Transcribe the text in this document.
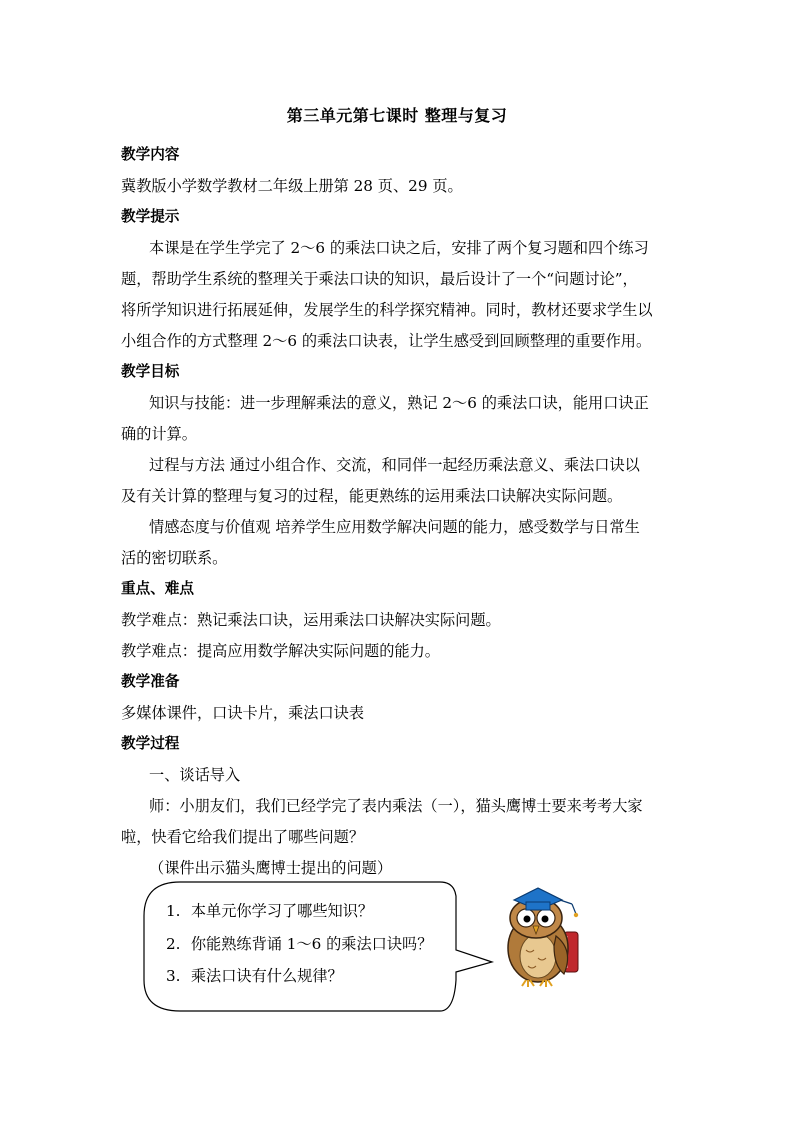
第三单元第七课时 整理与复习
教学内容
冀教版小学数学教材二年级上册第 28 页、29 页。
教学提示
本课是在学生学完了 2～6 的乘法口诀之后，安排了两个复习题和四个练习
题，帮助学生系统的整理关于乘法口诀的知识，最后设计了一个“问题讨论”，
将所学知识进行拓展延伸，发展学生的科学探究精神。同时，教材还要求学生以
小组合作的方式整理 2～6 的乘法口诀表，让学生感受到回顾整理的重要作用。
教学目标
知识与技能：进一步理解乘法的意义，熟记 2～6 的乘法口诀，能用口诀正
确的计算。
过程与方法 通过小组合作、交流，和同伴一起经历乘法意义、乘法口诀以
及有关计算的整理与复习的过程，能更熟练的运用乘法口诀解决实际问题。
情感态度与价值观 培养学生应用数学解决问题的能力，感受数学与日常生
活的密切联系。
重点、难点
教学难点：熟记乘法口诀，运用乘法口诀解决实际问题。
教学难点：提高应用数学解决实际问题的能力。
教学准备
多媒体课件，口诀卡片，乘法口诀表
教学过程
一、谈话导入
师：小朋友们，我们已经学完了表内乘法（一），猫头鹰博士要来考考大家
啦，快看它给我们提出了哪些问题？
（课件出示猫头鹰博士提出的问题）
1. 本单元你学习了哪些知识？
2. 你能熟练背诵 1～6 的乘法口诀吗？
3. 乘法口诀有什么规律？
